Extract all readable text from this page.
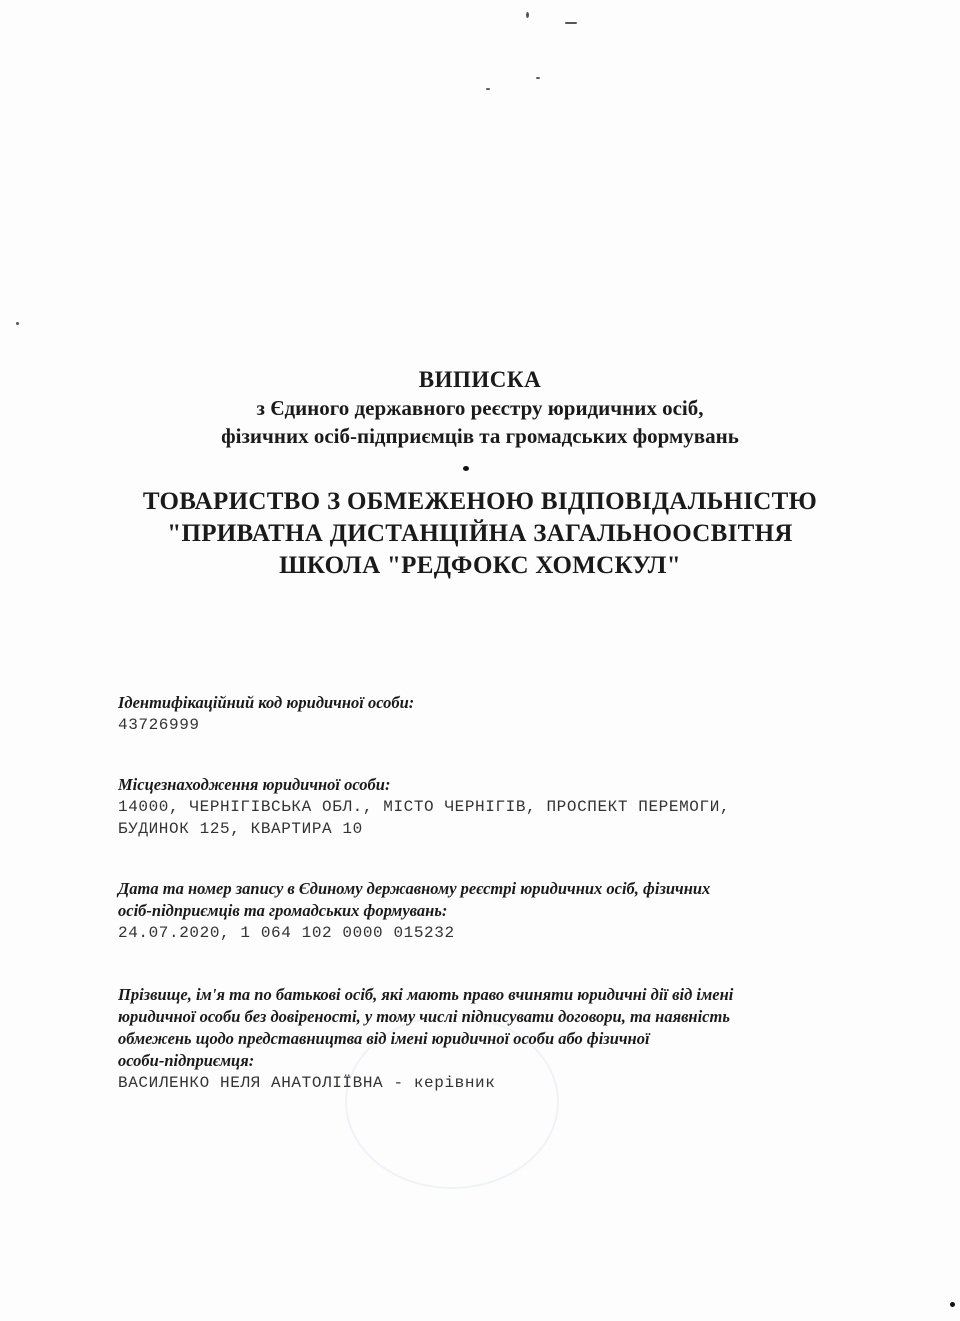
ВИПИСКА
з Єдиного державного реєстру юридичних осіб,
фізичних осіб-підприємців та громадських формувань
ТОВАРИСТВО З ОБМЕЖЕНОЮ ВІДПОВІДАЛЬНІСТЮ
"ПРИВАТНА ДИСТАНЦІЙНА ЗАГАЛЬНООСВІТНЯ
ШКОЛА "РЕДФОКС ХОМСКУЛ"
Ідентифікаційний код юридичної особи:
43726999
Місцезнаходження юридичної особи:
14000, ЧЕРНІГІВСЬКА ОБЛ., МІСТО ЧЕРНІГІВ, ПРОСПЕКТ ПЕРЕМОГИ,
БУДИНОК 125, КВАРТИРА 10
Дата та номер запису в Єдиному державному реєстрі юридичних осіб, фізичних
осіб-підприємців та громадських формувань:
24.07.2020, 1 064 102 0000 015232
Прізвище, ім'я та по батькові осіб, які мають право вчиняти юридичні дії від імені
юридичної особи без довіреності, у тому числі підписувати договори, та наявність
обмежень щодо представництва від імені юридичної особи або фізичної
особи-підприємця:
ВАСИЛЕНКО НЕЛЯ АНАТОЛІЇВНА - керівник
